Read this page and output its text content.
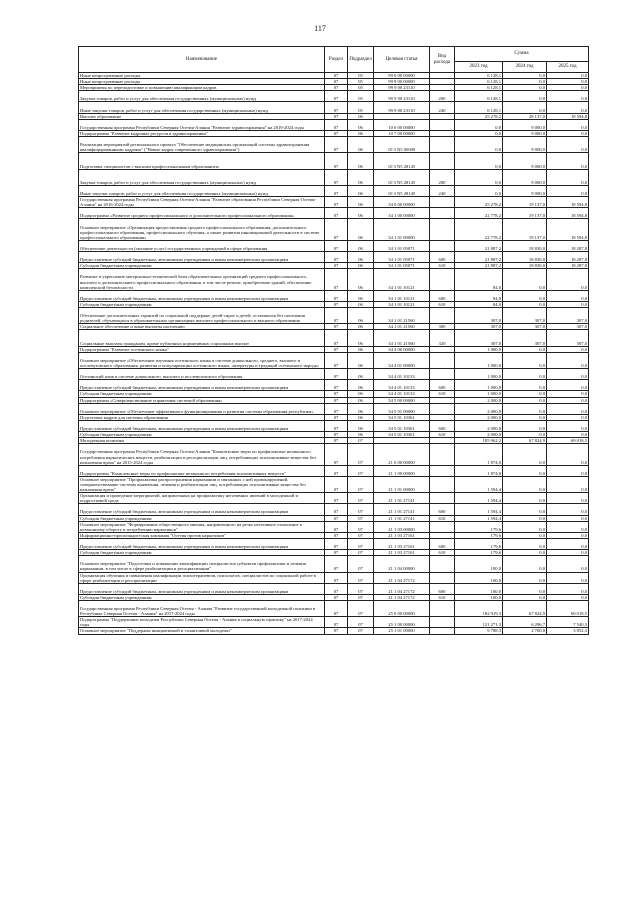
117
Наименование	Раздел	Подраздел	Целевая статья	Вид расхода	Сумма		
					2023 год	2024 год	2025 год
Иные непрограммные расходы	07	05	99 0 00 00000		6 128,1	0,0	0,0
Иные непрограммные расходы	07	05	99 9 00 00000		6 128,1	0,0	0,0
Мероприятия по переподготовке и повышению квалификации кадров	07	05	99 9 00 23110		6 128,1	0,0	0,0
Закупка товаров, работ и услуг для обеспечения государственных (муниципальных) нужд	07	05	99 9 00 23110	200	6 128,1	0,0	0,0
Иные закупки товаров, работ и услуг для обеспечения государственных (муниципальных) нужд	07	05	99 9 00 23110	240	6 128,1	0,0	0,0
Высшее образование	07	06			25 278,2	28 137,0	18 594,8
Государственная программа Республики Северная Осетия-Алания "Развитие здравоохранения" на 2019-2024 годы	07	06	10 0 00 00000		0,0	9 000,0	0,0
Подпрограмма "Развитие кадровых ресурсов в здравоохранении"	07	06	10 7 00 00000		0,0	9 000,0	0,0
Реализация мероприятий регионального проекта "Обеспечение медицинских организаций системы здравоохранения квалифицированными кадрами" ("Новые кадры современного здравоохранения")	07	06	10 3 N5 00000		0,0	9 000,0	0,0
Подготовка специалистов с высшим профессиональным образованием	07	06	10 3 N5 28145		0,0	9 000,0	0,0
Закупка товаров, работ и услуг для обеспечения государственных (муниципальных) нужд	07	06	10 3 N5 28145	200	0,0	9 000,0	0,0
Иные закупки товаров, работ и услуг для обеспечения государственных (муниципальных) нужд	07	06	10 3 N5 28145	240	0,0	9 000,0	0,0
Государственная программа Республики Северная Осетия-Алания "Развитие образования Республики Северная Осетия-Алания" на 2016-2024 годы	07	06	34 0 00 00000		25 278,2	19 137,0	18 594,8
Подпрограмма «Развитие среднего профессионального и дополнительного профессионального образования»	07	06	34 1 00 00000		22 778,2	19 137,0	18 594,8
Основное мероприятие «Организация предоставления среднего профессионального образования, дополнительного профессионального образования, профессионального обучения, а также развития инновационной деятельности в системе профессионального образования»	07	06	34 1 01 00000		22 778,2	19 137,0	18 594,8
Обеспечение деятельности (оказание услуг) государственных учреждений в сфере образования	07	06	34 1 01 05071		21 887,2	18 830,0	18 287,8
Предоставление субсидий бюджетным, автономным учреждениям и иным некоммерческим организациям	07	06	34 1 01 05071	600	21 887,2	18 830,0	18 287,8
Субсидии бюджетным учреждениям	07	06	34 1 01 05071	610	21 887,2	18 830,0	18 287,8
Развитие и укрепление материально-технической базы образовательных организаций среднего профессионального, высшего и дополнительного профессионального образования, в том числе ремонт, приобретение зданий, обеспечение комплексной безопасности	07	06	34 1 01 10121		84,0	0,0	0,0
Предоставление субсидий бюджетным, автономным учреждениям и иным некоммерческим организациям	07	06	34 1 01 10121	600	84,0	0,0	0,0
Субсидии бюджетным учреждениям	07	06	34 1 01 10121	610	84,0	0,0	0,0
Обеспечение дополнительных гарантий по социальной поддержке детей-сирот и детей, оставшихся без попечения родителей, обучающихся в образовательных организациях высшего профессионального и высшего образования	07	06	34 1 01 21560		307,0	307,0	307,0
Социальное обеспечение и иные выплаты населению	07	06	34 1 01 21560	300	307,0	307,0	307,0
Социальные выплаты гражданам, кроме публичных нормативных социальных выплат	07	06	34 1 01 21560	320	307,0	307,0	307,0
Подпрограмма "Развитие осетинского языка"	07	06	34 4 00 00000		1 000,0	0,0	0,0
Основное мероприятие «Обеспечение изучения осетинского языка в системе дошкольного, среднего, высшего и послевузовского образования, развития и популяризации осетинского языка, литературы и традиций осетинского народа»	07	06	34 4 01 00000		1 000,0	0,0	0,0
Осетинский язык в системе дошкольного, высшего и послевузовского образования	07	06	34 4 01 10133		1 000,0	0,0	0,0
Предоставление субсидий бюджетным, автономным учреждениям и иным некоммерческим организациям	07	06	34 4 01 10133	600	1 000,0	0,0	0,0
Субсидии бюджетным учреждениям	07	06	34 4 01 10133	610	1 000,0	0,0	0,0
Подпрограмма «Совершенствование управления системой образования»	07	06	34 5 00 00000		2 000,0	0,0	0,0
Основное мероприятие «Обеспечение эффективного функционирования и развития системы образования республики»	07	06	34 5 01 00000		2 000,0	0,0	0,0
Подготовка кадров для системы образования	07	06	34 5 01 10361		2 000,0	0,0	0,0
Предоставление субсидий бюджетным, автономным учреждениям и иным некоммерческим организациям	07	06	34 5 01 10361	600	2 000,0	0,0	0,0
Субсидии бюджетным учреждениям	07	06	34 5 01 10361	610	2 000,0	0,0	0,0
Молодежная политика	07	07			185 962,2	67 824,9	69 018,5
Государственная программа Республики Северная Осетия-Алания "Комплексные меры по профилактике незаконного потребления наркотических веществ, реабилитации и ресоциализации лиц, потребляющих психоактивные вещества без назначения врача" на 2015-2024 годы	07	07	21 0 00 00000		1 874,0	0,0	0,0
Подпрограмма "Комплексные меры по профилактике незаконного потребления психоактивных веществ"	07	07	21 1 00 00000		1 874,0	0,0	0,0
Основное мероприятие "Профилактика распространения наркомании и связанных с ней правонарушений, совершенствование системы выявления, лечения и реабилитации лиц, потребляющих психоактивные вещества без назначения врача"	07	07	21 1 01 00000		1 594,4	0,0	0,0
Организация и проведение мероприятий, направленных на профилактику негативных явлений в молодежной и подростковой среде	07	07	21 1 01 27141		1 594,4	0,0	0,0
Предоставление субсидий бюджетным, автономным учреждениям и иным некоммерческим организациям	07	07	21 1 01 27141	600	1 594,4	0,0	0,0
Субсидии бюджетным учреждениям	07	07	21 1 01 27141	610	1 594,4	0,0	0,0
Основное мероприятие "Формирование общественного мнения, направленного на резко негативное отношение к незаконному обороту и потреблению наркотиков"	07	07	21 1 03 00000		179,6	0,0	0,0
Информационно-пропагандистская кампания "Осетия против наркотиков"	07	07	21 1 03 27161		179,6	0,0	0,0
Предоставление субсидий бюджетным, автономным учреждениям и иным некоммерческим организациям	07	07	21 1 03 27161	600	179,6	0,0	0,0
Субсидии бюджетным учреждениям	07	07	21 1 03 27161	610	179,6	0,0	0,0
Основное мероприятие "Подготовка и повышение квалификации специалистов субъектов профилактики и лечения наркомании, в том числе в сфере реабилитации и ресоциализации"	07	07	21 1 04 00000		100,0	0,0	0,0
Организация обучения и повышения квалификации психотерапевтов, психологов, специалистов по социальной работе в сфере реабилитации и ресоциализации	07	07	21 1 04 27172		100,0	0,0	0,0
Предоставление субсидий бюджетным, автономным учреждениям и иным некоммерческим организациям	07	07	21 1 04 27172	600	100,0	0,0	0,0
Субсидии бюджетным учреждениям	07	07	21 1 04 27172	610	100,0	0,0	0,0
Государственная программа Республики Северная Осетия - Алания "Развитие государственной молодежной политики в Республике Северная Осетия - Алания" на 2017-2024 годы	07	07	25 0 00 00000		182 919,3	67 824,9	69 018,5
Подпрограмма "Поддержание молодежи Республики Северная Осетия - Алания в социальную практику" на 2017-2024 годы	07	07	25 1 00 00000		121 271,3	6 296,7	7 540,3
Основное мероприятие "Поддержка инициативной и талантливой молодежи"	07	07	25 1 01 00000		9 788,3	2 700,0	3 852,3
